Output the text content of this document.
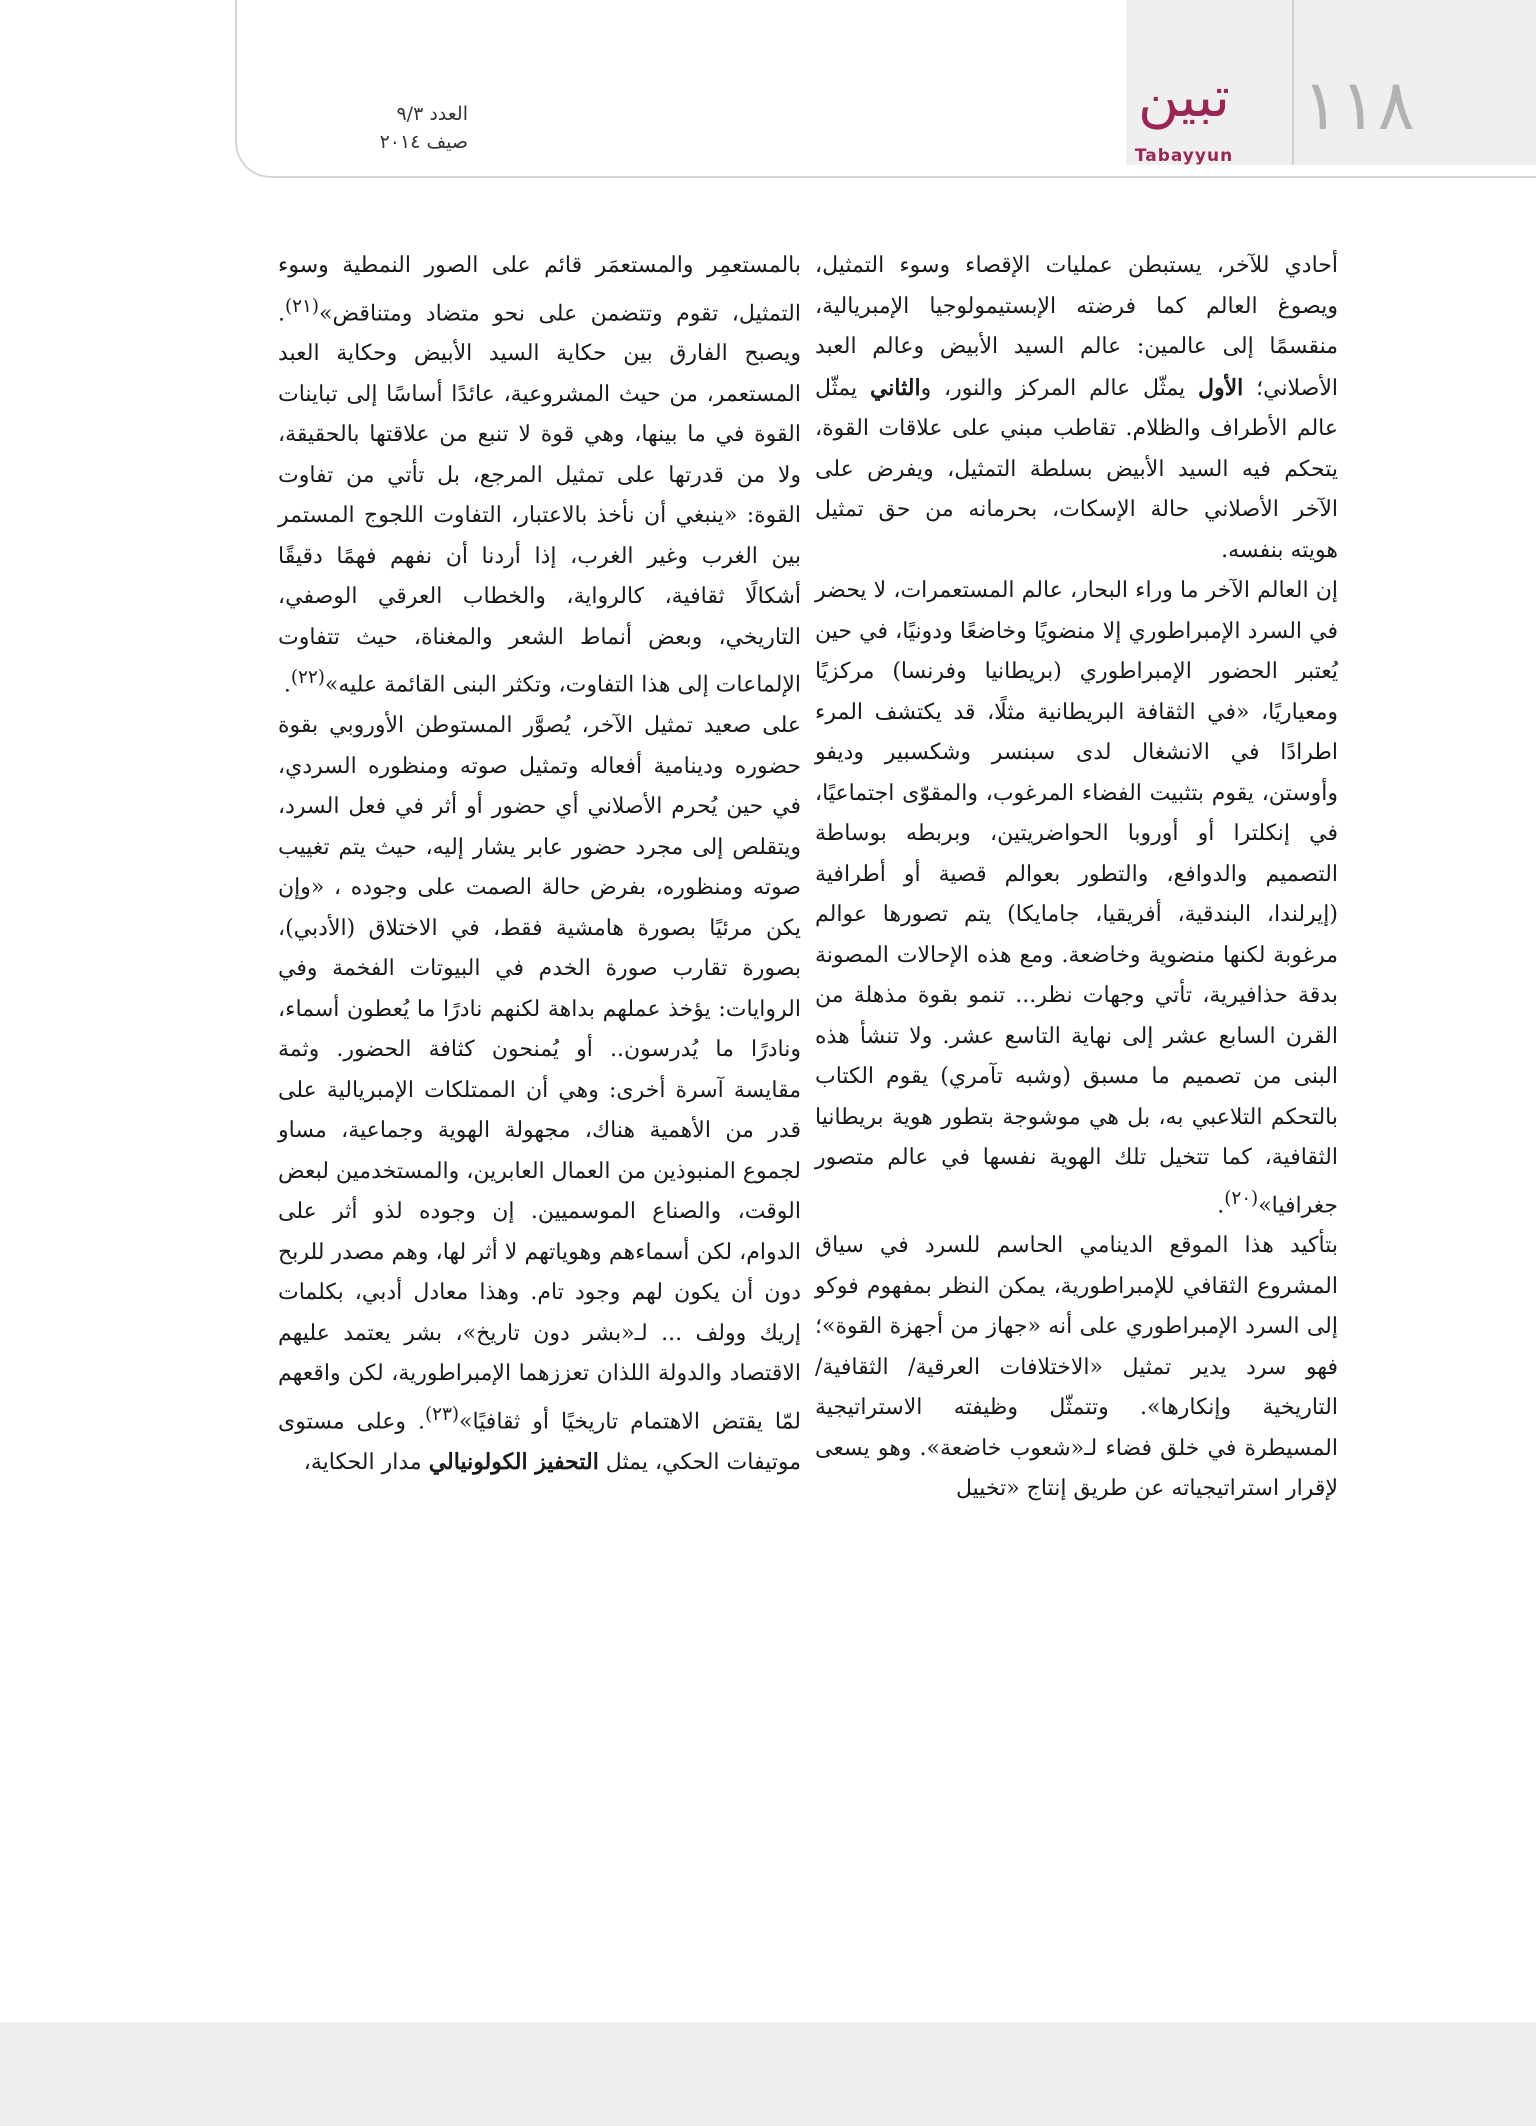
١١٨
تبين
Tabayyun
العدد ٩/٣
صيف ٢٠١٤

أحادي للآخر، يستبطن عمليات الإقصاء وسوء التمثيل، ويصوغ العالم كما فرضته الإبستيمولوجيا الإمبريالية، منقسمًا إلى عالمين: عالم السيد الأبيض وعالم العبد الأصلاني؛ الأول يمثّل عالم المركز والنور، والثاني يمثّل عالم الأطراف والظلام. تقاطب مبني على علاقات القوة، يتحكم فيه السيد الأبيض بسلطة التمثيل، ويفرض على الآخر الأصلاني حالة الإسكات، بحرمانه من حق تمثيل هويته بنفسه.

إن العالم الآخر ما وراء البحار، عالم المستعمرات، لا يحضر في السرد الإمبراطوري إلا منضويًا وخاضعًا ودونيًا، في حين يُعتبر الحضور الإمبراطوري (بريطانيا وفرنسا) مركزيًا ومعياريًا، «في الثقافة البريطانية مثلًا، قد يكتشف المرء اطرادًا في الانشغال لدى سبنسر وشكسبير وديفو وأوستن، يقوم بتثبيت الفضاء المرغوب، والمقوّى اجتماعيًا، في إنكلترا أو أوروبا الحواضريتين، وبربطه بوساطة التصميم والدوافع، والتطور بعوالم قصية أو أطرافية (إيرلندا، البندقية، أفريقيا، جامايكا) يتم تصورها عوالم مرغوبة لكنها منضوية وخاضعة. ومع هذه الإحالات المصونة بدقة حذافيرية، تأتي وجهات نظر... تنمو بقوة مذهلة من القرن السابع عشر إلى نهاية التاسع عشر. ولا تنشأ هذه البنى من تصميم ما مسبق (وشبه تآمري) يقوم الكتاب بالتحكم التلاعبي به، بل هي موشوجة بتطور هوية بريطانيا الثقافية، كما تتخيل تلك الهوية نفسها في عالم متصور جغرافيا»$^{(٢٠)}$.

بتأكيد هذا الموقع الدينامي الحاسم للسرد في سياق المشروع الثقافي للإمبراطورية، يمكن النظر بمفهوم فوكو إلى السرد الإمبراطوري على أنه «جهاز من أجهزة القوة»؛ فهو سرد يدير تمثيل «الاختلافات العرقية/ الثقافية/ التاريخية وإنكارها». وتتمثّل وظيفته الاستراتيجية المسيطرة في خلق فضاء لـ«شعوب خاضعة». وهو يسعى لإقرار استراتيجياته عن طريق إنتاج «تخييل

بالمستعمِر والمستعمَر قائم على الصور النمطية وسوء التمثيل، تقوم وتتضمن على نحو متضاد ومتناقض»$^{(٢١)}$. ويصبح الفارق بين حكاية السيد الأبيض وحكاية العبد المستعمر، من حيث المشروعية، عائدًا أساسًا إلى تباينات القوة في ما بينها، وهي قوة لا تنبع من علاقتها بالحقيقة، ولا من قدرتها على تمثيل المرجع، بل تأتي من تفاوت القوة: «ينبغي أن نأخذ بالاعتبار، التفاوت اللجوج المستمر بين الغرب وغير الغرب، إذا أردنا أن نفهم فهمًا دقيقًا أشكالًا ثقافية، كالرواية، والخطاب العرقي الوصفي، التاريخي، وبعض أنماط الشعر والمغناة، حيث تتفاوت الإلماعات إلى هذا التفاوت، وتكثر البنى القائمة عليه»$^{(٢٢)}$.

على صعيد تمثيل الآخر، يُصوَّر المستوطن الأوروبي بقوة حضوره ودينامية أفعاله وتمثيل صوته ومنظوره السردي، في حين يُحرم الأصلاني أي حضور أو أثر في فعل السرد، ويتقلص إلى مجرد حضور عابر يشار إليه، حيث يتم تغييب صوته ومنظوره، بفرض حالة الصمت على وجوده ، «وإن يكن مرئيًا بصورة هامشية فقط، في الاختلاق (الأدبي)، بصورة تقارب صورة الخدم في البيوتات الفخمة وفي الروايات: يؤخذ عملهم بداهة لكنهم نادرًا ما يُعطون أسماء، ونادرًا ما يُدرسون.. أو يُمنحون كثافة الحضور. وثمة مقايسة آسرة أخرى: وهي أن الممتلكات الإمبريالية على قدر من الأهمية هناك، مجهولة الهوية وجماعية، مساو لجموع المنبوذين من العمال العابرين، والمستخدمين لبعض الوقت، والصناع الموسميين. إن وجوده لذو أثر على الدوام، لكن أسماءهم وهوياتهم لا أثر لها، وهم مصدر للربح دون أن يكون لهم وجود تام. وهذا معادل أدبي، بكلمات إريك وولف ... لـ«بشر دون تاريخ»، بشر يعتمد عليهم الاقتصاد والدولة اللذان تعززهما الإمبراطورية، لكن واقعهم لمّا يقتض الاهتمام تاريخيًا أو ثقافيًا»$^{(٢٣)}$. وعلى مستوى موتيفات الحكي، يمثل التحفيز الكولونيالي مدار الحكاية،
